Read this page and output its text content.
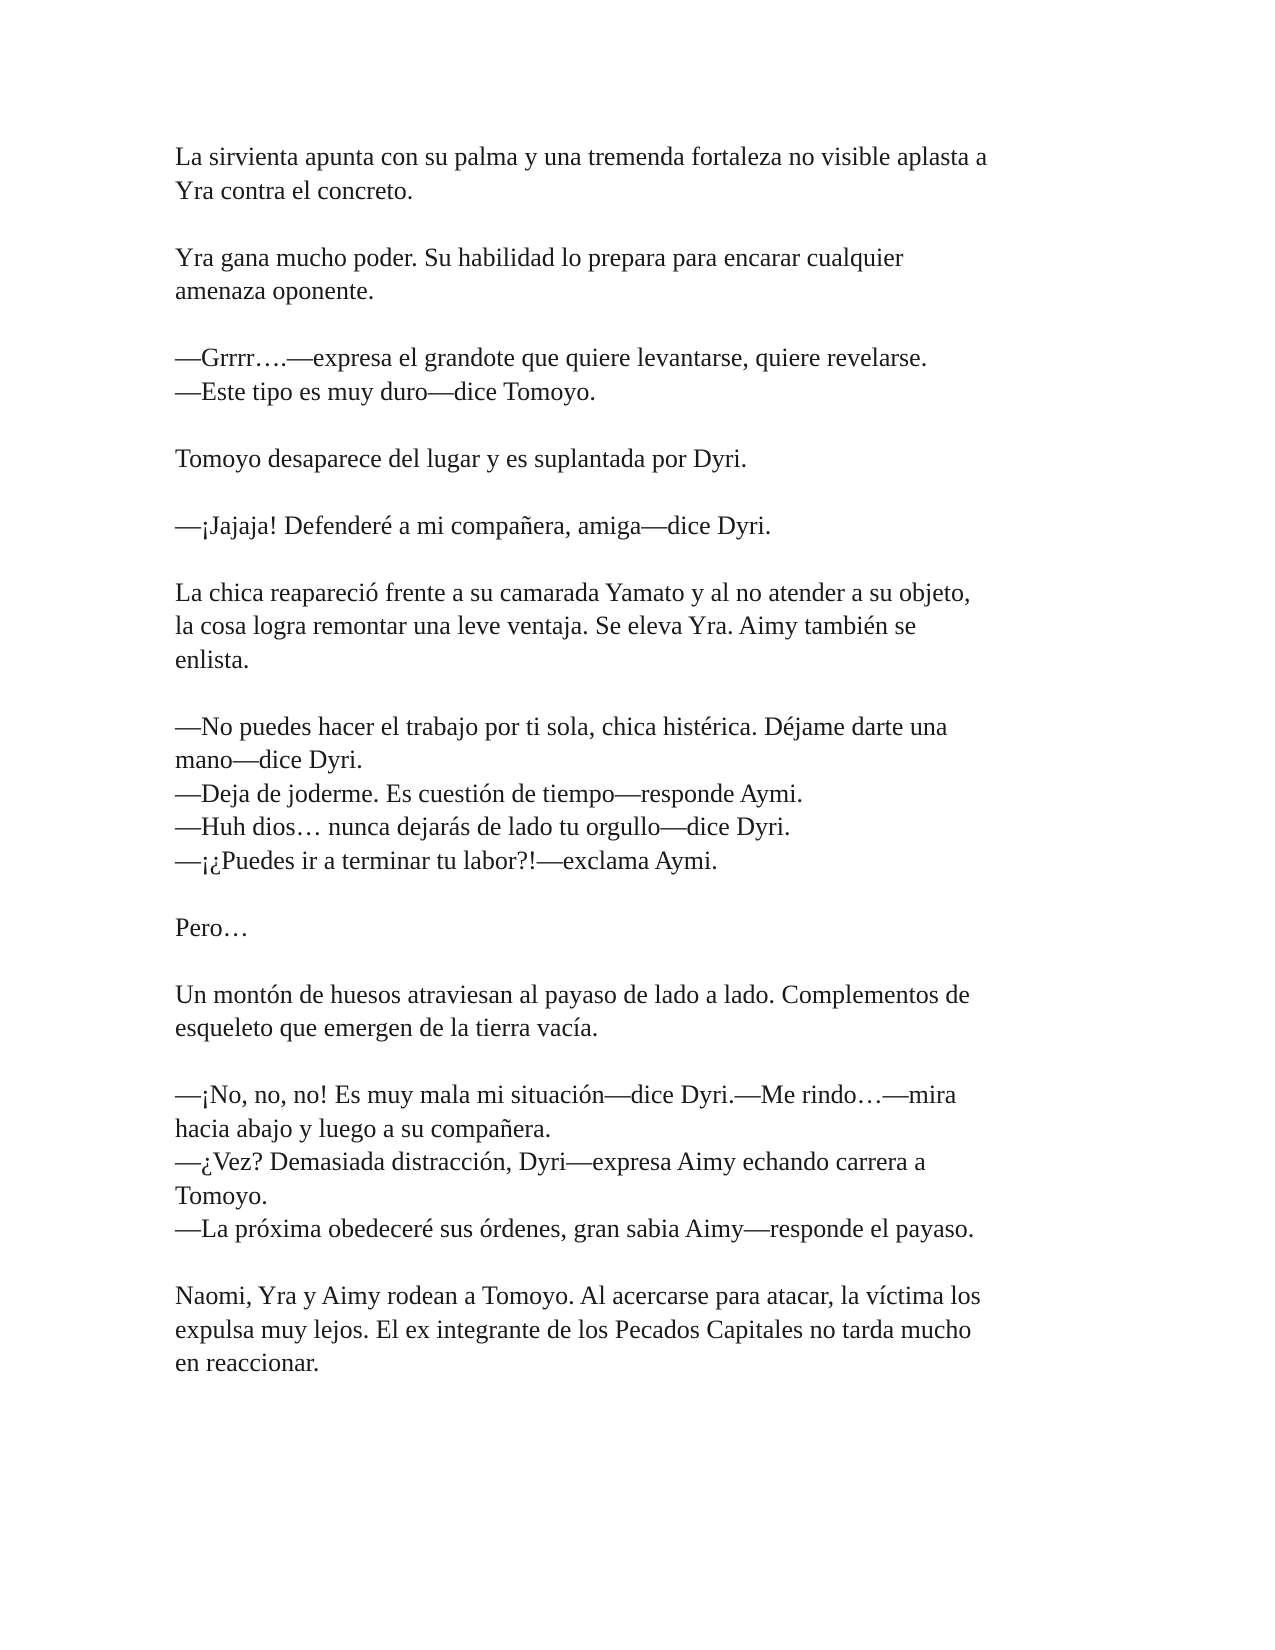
La sirvienta apunta con su palma y una tremenda fortaleza no visible aplasta a
Yra contra el concreto.

Yra gana mucho poder. Su habilidad lo prepara para encarar cualquier
amenaza oponente.

—Grrrr….—expresa el grandote que quiere levantarse, quiere revelarse.
—Este tipo es muy duro—dice Tomoyo.

Tomoyo desaparece del lugar y es suplantada por Dyri.

—¡Jajaja! Defenderé a mi compañera, amiga—dice Dyri.

La chica reapareció frente a su camarada Yamato y al no atender a su objeto,
la cosa logra remontar una leve ventaja. Se eleva Yra. Aimy también se
enlista.

—No puedes hacer el trabajo por ti sola, chica histérica. Déjame darte una
mano—dice Dyri.
—Deja de joderme. Es cuestión de tiempo—responde Aymi.
—Huh dios… nunca dejarás de lado tu orgullo—dice Dyri.
—¡¿Puedes ir a terminar tu labor?!—exclama Aymi.

Pero…

Un montón de huesos atraviesan al payaso de lado a lado. Complementos de
esqueleto que emergen de la tierra vacía.

—¡No, no, no! Es muy mala mi situación—dice Dyri.—Me rindo…—mira
hacia abajo y luego a su compañera.
—¿Vez? Demasiada distracción, Dyri—expresa Aimy echando carrera a
Tomoyo.
—La próxima obedeceré sus órdenes, gran sabia Aimy—responde el payaso.

Naomi, Yra y Aimy rodean a Tomoyo. Al acercarse para atacar, la víctima los
expulsa muy lejos. El ex integrante de los Pecados Capitales no tarda mucho
en reaccionar.
